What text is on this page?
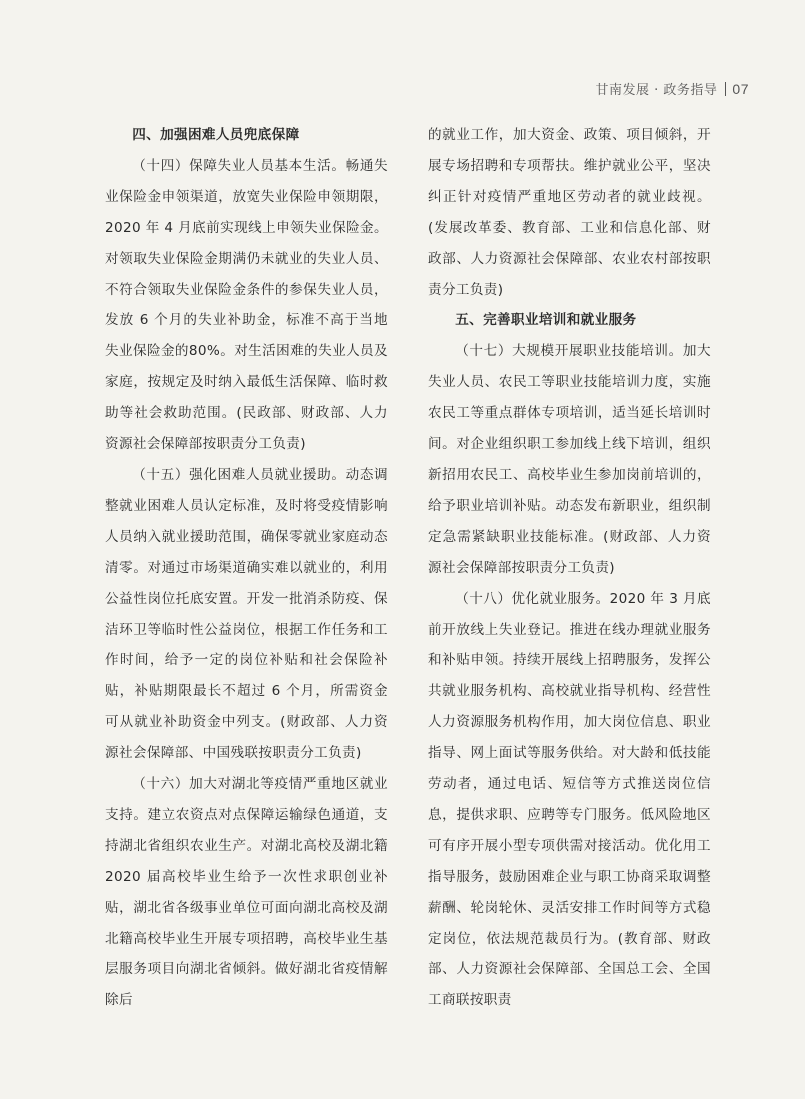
甘南发展 · 政务指导 07
四、加强困难人员兜底保障

（十四）保障失业人员基本生活。畅通失业保险金申领渠道，放宽失业保险申领期限，2020 年 4 月底前实现线上申领失业保险金。对领取失业保险金期满仍未就业的失业人员、不符合领取失业保险金条件的参保失业人员，发放 6 个月的失业补助金，标准不高于当地失业保险金的80%。对生活困难的失业人员及家庭，按规定及时纳入最低生活保障、临时救助等社会救助范围。(民政部、财政部、人力资源社会保障部按职责分工负责)

（十五）强化困难人员就业援助。动态调整就业困难人员认定标准，及时将受疫情影响人员纳入就业援助范围，确保零就业家庭动态清零。对通过市场渠道确实难以就业的，利用公益性岗位托底安置。开发一批消杀防疫、保洁环卫等临时性公益岗位，根据工作任务和工作时间，给予一定的岗位补贴和社会保险补贴，补贴期限最长不超过 6 个月，所需资金可从就业补助资金中列支。(财政部、人力资源社会保障部、中国残联按职责分工负责)

（十六）加大对湖北等疫情严重地区就业支持。建立农资点对点保障运输绿色通道，支持湖北省组织农业生产。对湖北高校及湖北籍 2020 届高校毕业生给予一次性求职创业补贴，湖北省各级事业单位可面向湖北高校及湖北籍高校毕业生开展专项招聘，高校毕业生基层服务项目向湖北省倾斜。做好湖北省疫情解除后

的就业工作，加大资金、政策、项目倾斜，开展专场招聘和专项帮扶。维护就业公平，坚决纠正针对疫情严重地区劳动者的就业歧视。(发展改革委、教育部、工业和信息化部、财政部、人力资源社会保障部、农业农村部按职责分工负责)

五、完善职业培训和就业服务

（十七）大规模开展职业技能培训。加大失业人员、农民工等职业技能培训力度，实施农民工等重点群体专项培训，适当延长培训时间。对企业组织职工参加线上线下培训，组织新招用农民工、高校毕业生参加岗前培训的，给予职业培训补贴。动态发布新职业，组织制定急需紧缺职业技能标准。(财政部、人力资源社会保障部按职责分工负责)

（十八）优化就业服务。2020 年 3 月底前开放线上失业登记。推进在线办理就业服务和补贴申领。持续开展线上招聘服务，发挥公共就业服务机构、高校就业指导机构、经营性人力资源服务机构作用，加大岗位信息、职业指导、网上面试等服务供给。对大龄和低技能劳动者，通过电话、短信等方式推送岗位信息，提供求职、应聘等专门服务。低风险地区可有序开展小型专项供需对接活动。优化用工指导服务，鼓励困难企业与职工协商采取调整薪酬、轮岗轮休、灵活安排工作时间等方式稳定岗位，依法规范裁员行为。(教育部、财政部、人力资源社会保障部、全国总工会、全国工商联按职责
